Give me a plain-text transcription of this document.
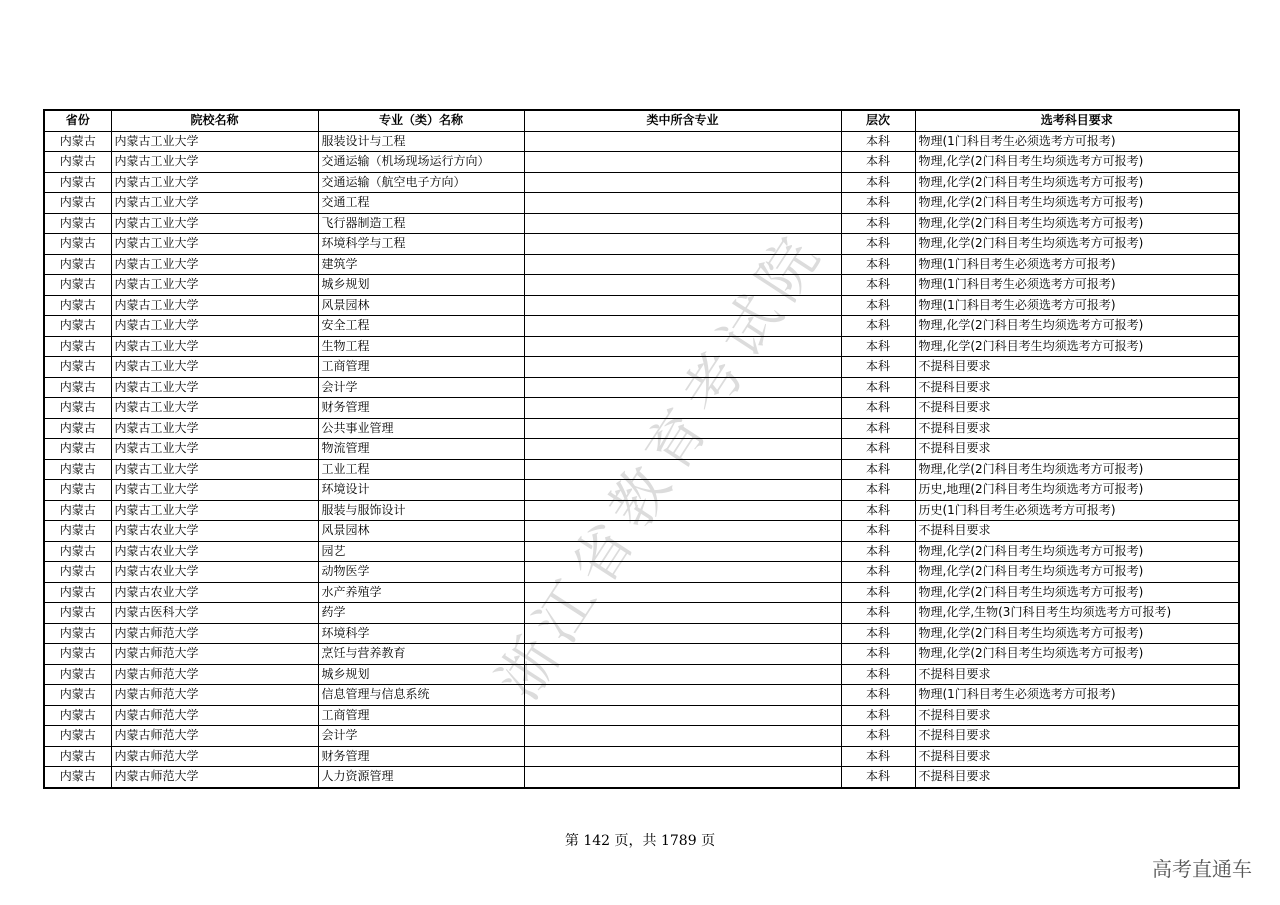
浙江省教育考试院
省份	院校名称	专业（类）名称	类中所含专业	层次	选考科目要求
内蒙古	内蒙古工业大学	服装设计与工程		本科	物理(1门科目考生必须选考方可报考)
内蒙古	内蒙古工业大学	交通运输（机场现场运行方向）		本科	物理,化学(2门科目考生均须选考方可报考)
内蒙古	内蒙古工业大学	交通运输（航空电子方向）		本科	物理,化学(2门科目考生均须选考方可报考)
内蒙古	内蒙古工业大学	交通工程		本科	物理,化学(2门科目考生均须选考方可报考)
内蒙古	内蒙古工业大学	飞行器制造工程		本科	物理,化学(2门科目考生均须选考方可报考)
内蒙古	内蒙古工业大学	环境科学与工程		本科	物理,化学(2门科目考生均须选考方可报考)
内蒙古	内蒙古工业大学	建筑学		本科	物理(1门科目考生必须选考方可报考)
内蒙古	内蒙古工业大学	城乡规划		本科	物理(1门科目考生必须选考方可报考)
内蒙古	内蒙古工业大学	风景园林		本科	物理(1门科目考生必须选考方可报考)
内蒙古	内蒙古工业大学	安全工程		本科	物理,化学(2门科目考生均须选考方可报考)
内蒙古	内蒙古工业大学	生物工程		本科	物理,化学(2门科目考生均须选考方可报考)
内蒙古	内蒙古工业大学	工商管理		本科	不提科目要求
内蒙古	内蒙古工业大学	会计学		本科	不提科目要求
内蒙古	内蒙古工业大学	财务管理		本科	不提科目要求
内蒙古	内蒙古工业大学	公共事业管理		本科	不提科目要求
内蒙古	内蒙古工业大学	物流管理		本科	不提科目要求
内蒙古	内蒙古工业大学	工业工程		本科	物理,化学(2门科目考生均须选考方可报考)
内蒙古	内蒙古工业大学	环境设计		本科	历史,地理(2门科目考生均须选考方可报考)
内蒙古	内蒙古工业大学	服装与服饰设计		本科	历史(1门科目考生必须选考方可报考)
内蒙古	内蒙古农业大学	风景园林		本科	不提科目要求
内蒙古	内蒙古农业大学	园艺		本科	物理,化学(2门科目考生均须选考方可报考)
内蒙古	内蒙古农业大学	动物医学		本科	物理,化学(2门科目考生均须选考方可报考)
内蒙古	内蒙古农业大学	水产养殖学		本科	物理,化学(2门科目考生均须选考方可报考)
内蒙古	内蒙古医科大学	药学		本科	物理,化学,生物(3门科目考生均须选考方可报考)
内蒙古	内蒙古师范大学	环境科学		本科	物理,化学(2门科目考生均须选考方可报考)
内蒙古	内蒙古师范大学	烹饪与营养教育		本科	物理,化学(2门科目考生均须选考方可报考)
内蒙古	内蒙古师范大学	城乡规划		本科	不提科目要求
内蒙古	内蒙古师范大学	信息管理与信息系统		本科	物理(1门科目考生必须选考方可报考)
内蒙古	内蒙古师范大学	工商管理		本科	不提科目要求
内蒙古	内蒙古师范大学	会计学		本科	不提科目要求
内蒙古	内蒙古师范大学	财务管理		本科	不提科目要求
内蒙古	内蒙古师范大学	人力资源管理		本科	不提科目要求
第 142 页，共 1789 页
高考直通车
